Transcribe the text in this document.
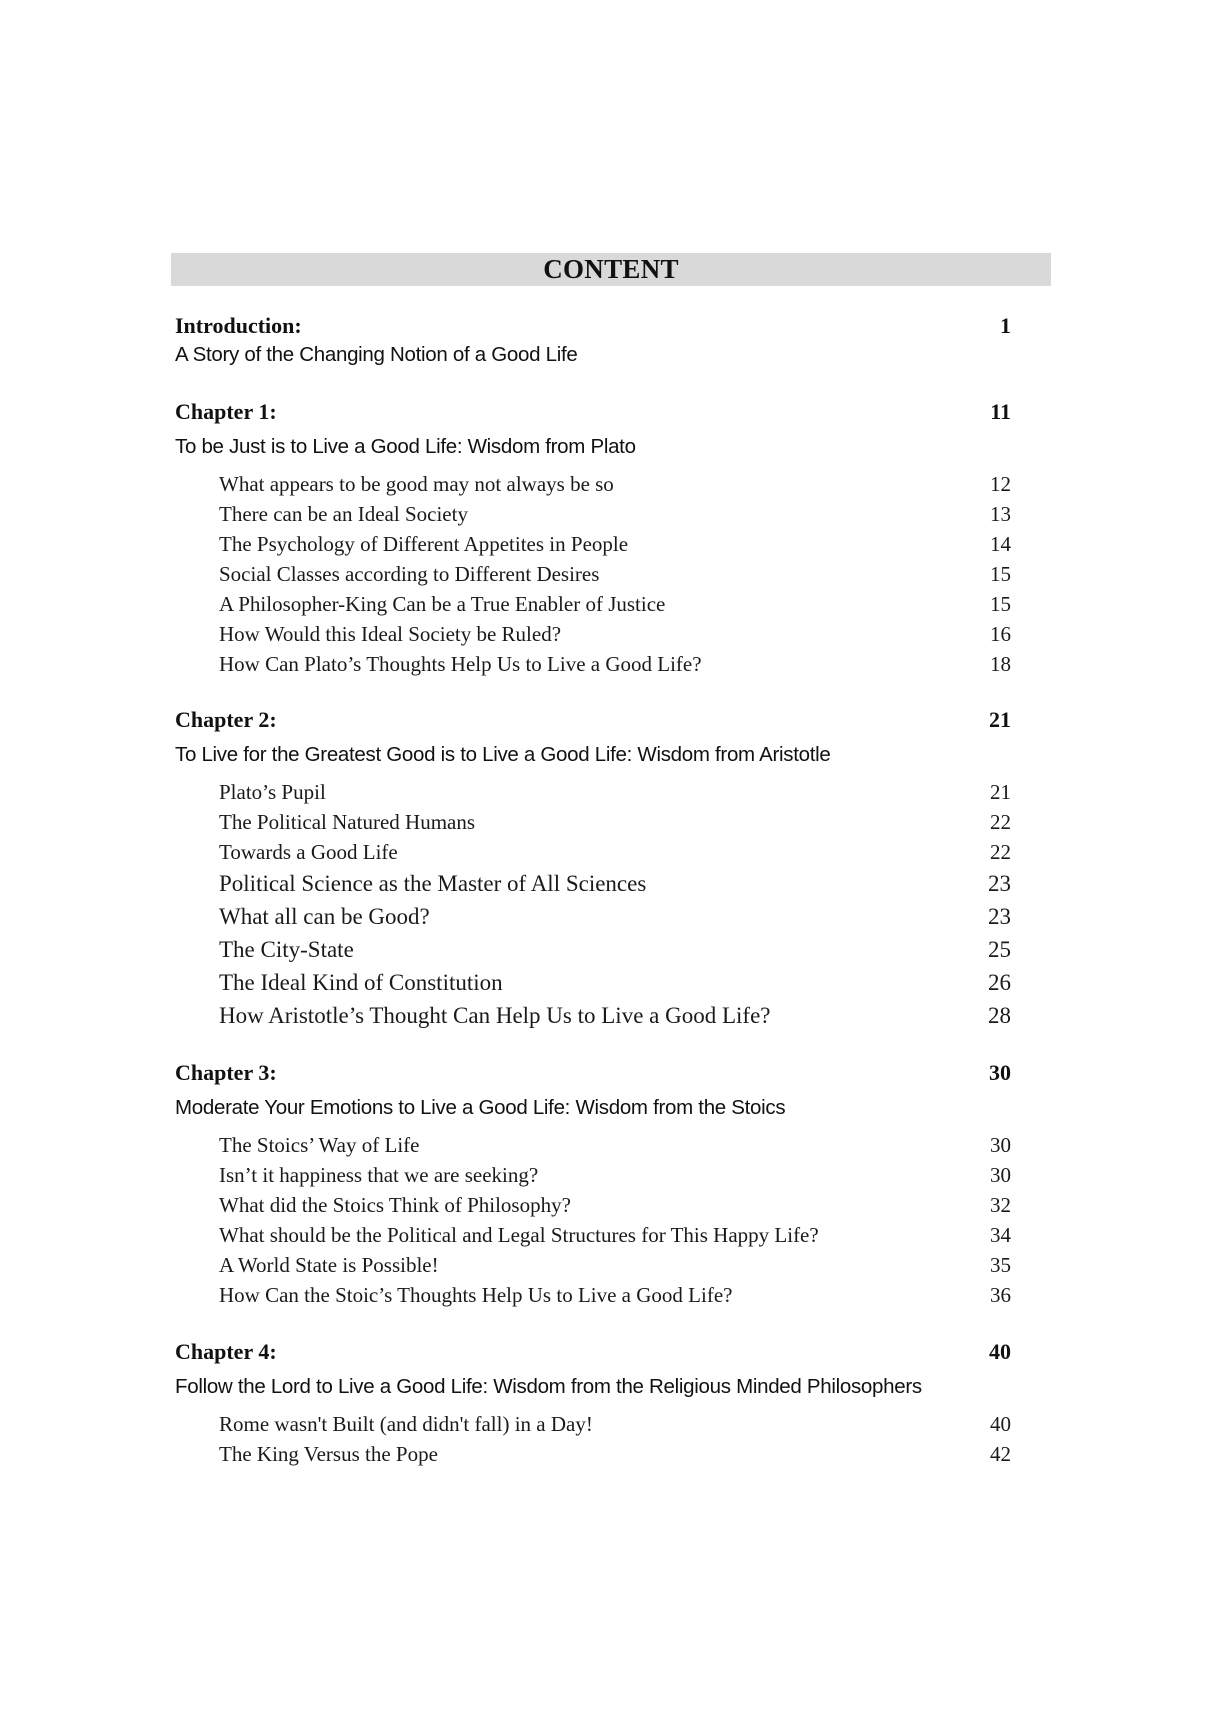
CONTENT
Introduction:	1
A Story of the Changing Notion of a Good Life
Chapter 1:	11
To be Just is to Live a Good Life: Wisdom from Plato
What appears to be good may not always be so	12
There can be an Ideal Society	13
The Psychology of Different Appetites in People	14
Social Classes according to Different Desires	15
A Philosopher-King Can be a True Enabler of Justice	15
How Would this Ideal Society be Ruled?	16
How Can Plato’s Thoughts Help Us to Live a Good Life?	18
Chapter 2:	21
To Live for the Greatest Good is to Live a Good Life: Wisdom from Aristotle
Plato’s Pupil	21
The Political Natured Humans	22
Towards a Good Life	22
Political Science as the Master of All Sciences	23
What all can be Good?	23
The City-State	25
The Ideal Kind of Constitution	26
How Aristotle’s Thought Can Help Us to Live a Good Life?	28
Chapter 3:	30
Moderate Your Emotions to Live a Good Life: Wisdom from the Stoics
The Stoics’ Way of Life	30
Isn’t it happiness that we are seeking?	30
What did the Stoics Think of Philosophy?	32
What should be the Political and Legal Structures for This Happy Life?	34
A World State is Possible!	35
How Can the Stoic’s Thoughts Help Us to Live a Good Life?	36
Chapter 4:	40
Follow the Lord to Live a Good Life: Wisdom from the Religious Minded Philosophers
Rome wasn't Built (and didn't fall) in a Day!	40
The King Versus the Pope	42
